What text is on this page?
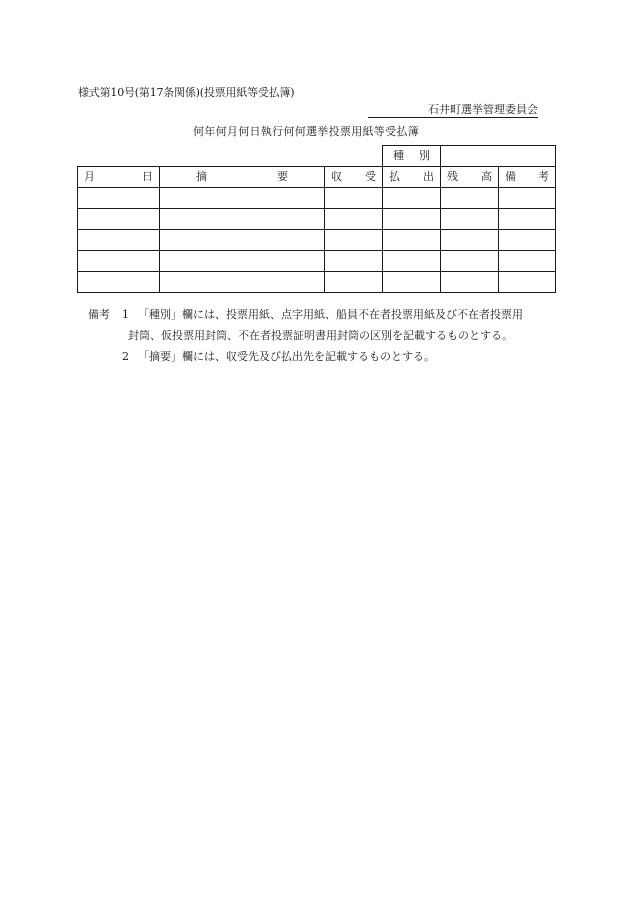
様式第10号(第17条関係)(投票用紙等受払簿)
石井町選挙管理委員会
何年何月何日執行何何選挙投票用紙等受払簿

			種 別		

月 日	摘 要	収 受	払 出	残 高	備 考

備考 1 「種別」欄には、投票用紙、点字用紙、船員不在者投票用紙及び不在者投票用
封筒、仮投票用封筒、不在者投票証明書用封筒の区別を記載するものとする。
2 「摘要」欄には、収受先及び払出先を記載するものとする。
